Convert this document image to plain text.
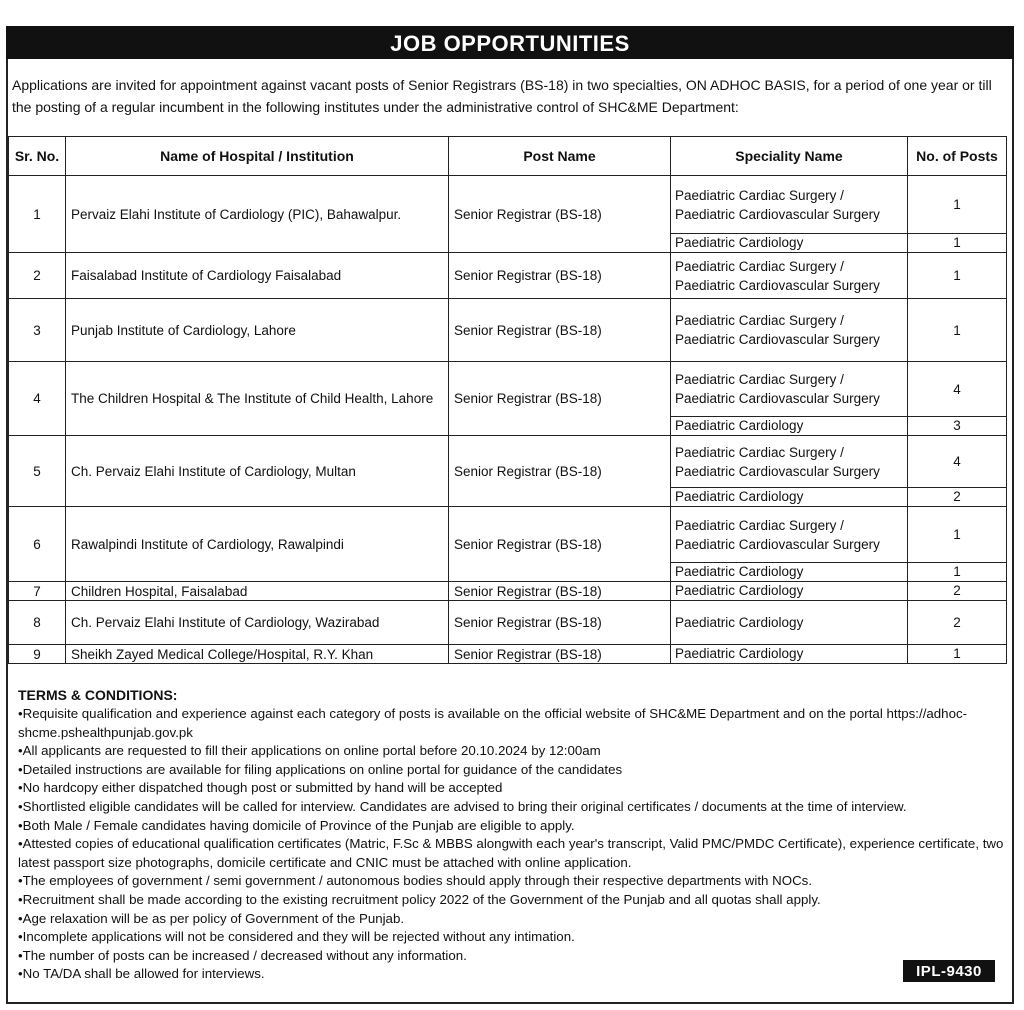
JOB OPPORTUNITIES
Applications are invited for appointment against vacant posts of Senior Registrars (BS-18) in two specialties, ON ADHOC BASIS, for a period of one year or till the posting of a regular incumbent in the following institutes under the administrative control of SHC&ME Department:
Sr. No.	Name of Hospital / Institution	Post Name	Speciality Name	No. of Posts
1	Pervaiz Elahi Institute of Cardiology (PIC), Bahawalpur.	Senior Registrar (BS-18)	Paediatric Cardiac Surgery / Paediatric Cardiovascular Surgery	1
			Paediatric Cardiology	1
2	Faisalabad Institute of Cardiology Faisalabad	Senior Registrar (BS-18)	Paediatric Cardiac Surgery / Paediatric Cardiovascular Surgery	1
3	Punjab Institute of Cardiology, Lahore	Senior Registrar (BS-18)	Paediatric Cardiac Surgery / Paediatric Cardiovascular Surgery	1
4	The Children Hospital & The Institute of Child Health, Lahore	Senior Registrar (BS-18)	Paediatric Cardiac Surgery / Paediatric Cardiovascular Surgery	4
			Paediatric Cardiology	3
5	Ch. Pervaiz Elahi Institute of Cardiology, Multan	Senior Registrar (BS-18)	Paediatric Cardiac Surgery / Paediatric Cardiovascular Surgery	4
			Paediatric Cardiology	2
6	Rawalpindi Institute of Cardiology, Rawalpindi	Senior Registrar (BS-18)	Paediatric Cardiac Surgery / Paediatric Cardiovascular Surgery	1
			Paediatric Cardiology	1
7	Children Hospital, Faisalabad	Senior Registrar (BS-18)	Paediatric Cardiology	2
8	Ch. Pervaiz Elahi Institute of Cardiology, Wazirabad	Senior Registrar (BS-18)	Paediatric Cardiology	2
9	Sheikh Zayed Medical College/Hospital, R.Y. Khan	Senior Registrar (BS-18)	Paediatric Cardiology	1
TERMS & CONDITIONS:
• Requisite qualification and experience against each category of posts is available on the official website of SHC&ME Department and on the portal https://adhoc-shcme.pshealthpunjab.gov.pk
• All applicants are requested to fill their applications on online portal before 20.10.2024 by 12:00am
• Detailed instructions are available for filing applications on online portal for guidance of the candidates
• No hardcopy either dispatched though post or submitted by hand will be accepted
• Shortlisted eligible candidates will be called for interview. Candidates are advised to bring their original certificates / documents at the time of interview.
• Both Male / Female candidates having domicile of Province of the Punjab are eligible to apply.
• Attested copies of educational qualification certificates (Matric, F.Sc & MBBS alongwith each year's transcript, Valid PMC/PMDC Certificate), experience certificate, two latest passport size photographs, domicile certificate and CNIC must be attached with online application.
• The employees of government / semi government / autonomous bodies should apply through their respective departments with NOCs.
• Recruitment shall be made according to the existing recruitment policy 2022 of the Government of the Punjab and all quotas shall apply.
• Age relaxation will be as per policy of Government of the Punjab.
• Incomplete applications will not be considered and they will be rejected without any intimation.
• The number of posts can be increased / decreased without any information.
• No TA/DA shall be allowed for interviews.	IPL-9430
